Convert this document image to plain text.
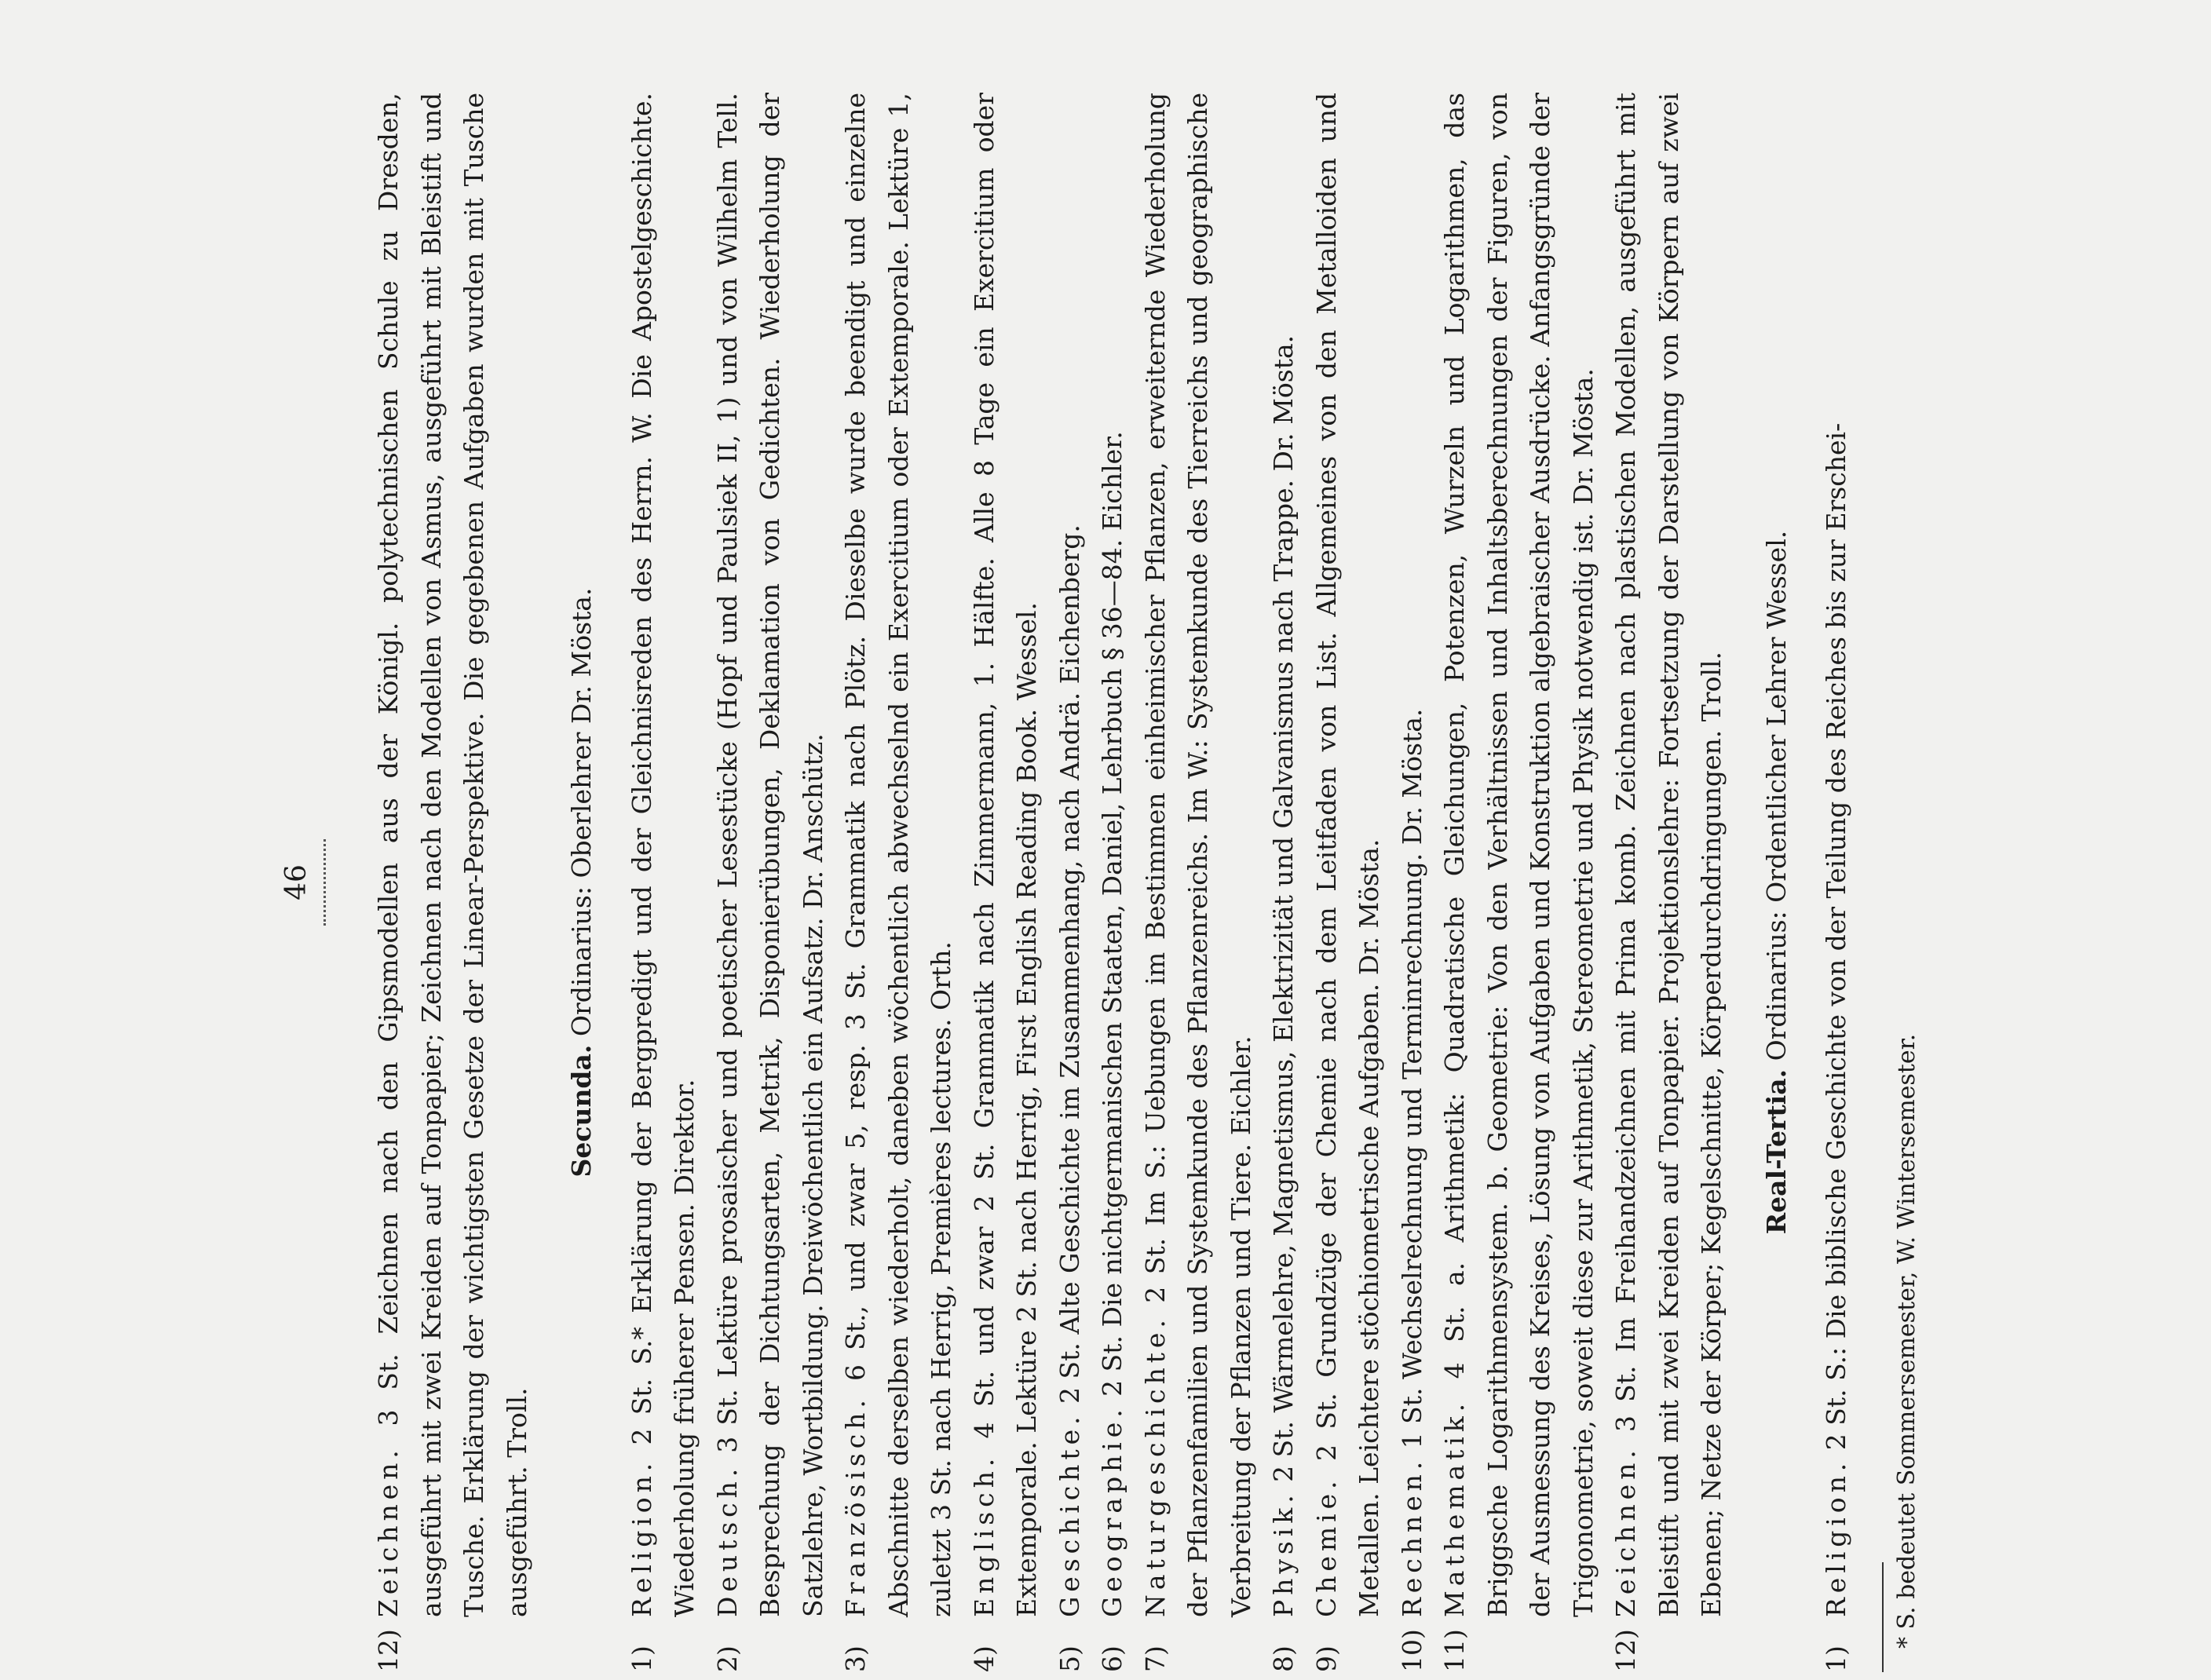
46

12)
Zeichnen. 3 St. Zeichnen nach den Gipsmodellen aus der Königl. polytechnischen Schule zu Dresden, ausgeführt mit zwei Kreiden auf Tonpapier; Zeichnen nach den Modellen von Asmus, ausgeführt mit Bleistift und Tusche. Erklärung der wichtigsten Gesetze der Linear-Perspektive. Die gegebenen Aufgaben wurden mit Tusche ausgeführt. Troll.

Secunda. Ordinarius: Oberlehrer Dr. Mösta.

1)
Religion. 2 St. S.* Erklärung der Bergpredigt und der Gleichnisreden des Herrn. W. Die Apostelgeschichte. Wiederholung früherer Pensen. Direktor.

2)
Deutsch. 3 St. Lektüre prosaischer und poetischer Lesestücke (Hopf und Paulsiek II, 1) und von Wilhelm Tell. Besprechung der Dichtungsarten, Metrik, Disponierübungen, Deklamation von Gedichten. Wiederholung der Satzlehre, Wortbildung. Dreiwöchentlich ein Aufsatz. Dr. Anschütz.

3)
Französisch. 6 St., und zwar 5, resp. 3 St. Grammatik nach Plötz. Dieselbe wurde beendigt und einzelne Abschnitte derselben wiederholt, daneben wöchentlich abwechselnd ein Exercitium oder Extemporale. Lektüre 1, zuletzt 3 St. nach Herrig, Premières lectures. Orth.

4)
Englisch. 4 St. und zwar 2 St. Grammatik nach Zimmermann, 1. Hälfte. Alle 8 Tage ein Exercitium oder Extemporale. Lektüre 2 St. nach Herrig, First English Reading Book. Wessel.

5)
Geschichte. 2 St. Alte Geschichte im Zusammenhang, nach Andrä. Eichenberg.

6)
Geographie. 2 St. Die nichtgermanischen Staaten, Daniel, Lehrbuch § 36—84. Eichler.

7)
Naturgeschichte. 2 St. Im S.: Uebungen im Bestimmen einheimischer Pflanzen, erweiternde Wiederholung der Pflanzenfamilien und Systemkunde des Pflanzenreichs. Im W.: Systemkunde des Tierreichs und geographische Verbreitung der Pflanzen und Tiere. Eichler.

8)
Physik. 2 St. Wärmelehre, Magnetismus, Elektrizität und Galvanismus nach Trappe. Dr. Mösta.

9)
Chemie. 2 St. Grundzüge der Chemie nach dem Leitfaden von List. Allgemeines von den Metalloiden und Metallen. Leichtere stöchiometrische Aufgaben. Dr. Mösta.

10)
Rechnen. 1 St. Wechselrechnung und Terminrechnung. Dr. Mösta.

11)
Mathematik. 4 St. a. Arithmetik: Quadratische Gleichungen, Potenzen, Wurzeln und Logarithmen, das Briggsche Logarithmensystem. b. Geometrie: Von den Verhältnissen und Inhaltsberechnungen der Figuren, von der Ausmessung des Kreises, Lösung von Aufgaben und Konstruktion algebraischer Ausdrücke. Anfangsgründe der Trigonometrie, soweit diese zur Arithmetik, Stereometrie und Physik notwendig ist. Dr. Mösta.

12)
Zeichnen. 3 St. Im Freihandzeichnen mit Prima komb. Zeichnen nach plastischen Modellen, ausgeführt mit Bleistift und mit zwei Kreiden auf Tonpapier. Projektionslehre: Fortsetzung der Darstellung von Körpern auf zwei Ebenen; Netze der Körper; Kegelschnitte, Körperdurchdringungen. Troll. Real-Tertia. Ordinarius: Ordentlicher Lehrer Wessel.

1)
Religion. 2 St. S.: Die biblische Geschichte von der Teilung des Reiches bis zur Erschei- * S. bedeutet Sommersemester, W. Wintersemester.
